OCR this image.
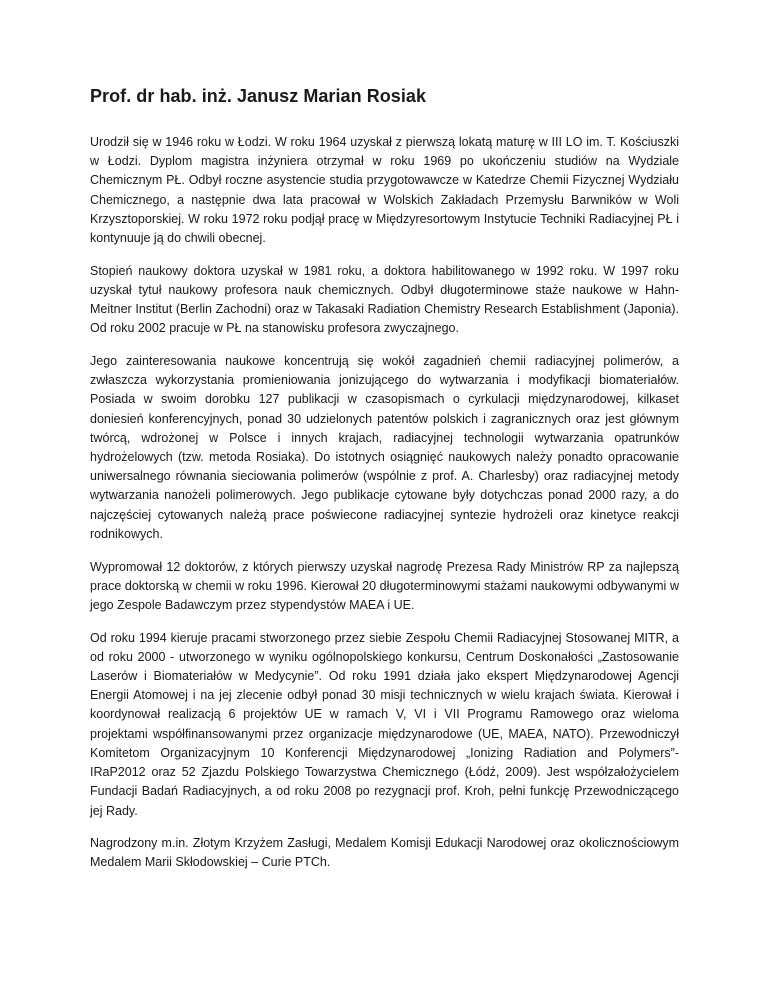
Prof. dr hab. inż. Janusz Marian Rosiak

Urodził się w 1946 roku w Łodzi. W roku 1964 uzyskał z pierwszą lokatą maturę w III LO im. T. Kościuszki w Łodzi. Dyplom magistra inżyniera otrzymał w roku 1969 po ukończeniu studiów na Wydziale Chemicznym PŁ. Odbył roczne asystencie studia przygotowawcze w Katedrze Chemii Fizycznej Wydziału Chemicznego, a następnie dwa lata pracował w Wolskich Zakładach Przemysłu Barwników w Woli Krzysztoporskiej. W roku 1972 roku podjął pracę w Międzyresortowym Instytucie Techniki Radiacyjnej PŁ i kontynuuje ją do chwili obecnej.

Stopień naukowy doktora uzyskał w 1981 roku, a doktora habilitowanego w 1992 roku. W 1997 roku uzyskał tytuł naukowy profesora nauk chemicznych. Odbył długoterminowe staże naukowe w Hahn-Meitner Institut (Berlin Zachodni) oraz w Takasaki Radiation Chemistry Research Establishment (Japonia). Od roku 2002 pracuje w PŁ na stanowisku profesora zwyczajnego.

Jego zainteresowania naukowe koncentrują się wokół zagadnień chemii radiacyjnej polimerów, a zwłaszcza wykorzystania promieniowania jonizującego do wytwarzania i modyfikacji biomateriałów. Posiada w swoim dorobku 127 publikacji w czasopismach o cyrkulacji międzynarodowej, kilkaset doniesień konferencyjnych, ponad 30 udzielonych patentów polskich i zagranicznych oraz jest głównym twórcą, wdrożonej w Polsce i innych krajach, radiacyjnej technologii wytwarzania opatrunków hydrożelowych (tzw. metoda Rosiaka). Do istotnych osiągnięć naukowych należy ponadto opracowanie uniwersalnego równania sieciowania polimerów (wspólnie z prof. A. Charlesby) oraz radiacyjnej metody wytwarzania nanożeli polimerowych. Jego publikacje cytowane były dotychczas ponad 2000 razy, a do najczęściej cytowanych należą prace poświecone radiacyjnej syntezie hydrożeli oraz kinetyce reakcji rodnikowych.

Wypromował 12 doktorów, z których pierwszy uzyskał nagrodę Prezesa Rady Ministrów RP za najlepszą prace doktorską w chemii w roku 1996. Kierował 20 długoterminowymi stażami naukowymi odbywanymi w jego Zespole Badawczym przez stypendystów MAEA i UE.

Od roku 1994 kieruje pracami stworzonego przez siebie Zespołu Chemii Radiacyjnej Stosowanej MITR, a od roku 2000 - utworzonego w wyniku ogólnopolskiego konkursu, Centrum Doskonałości „Zastosowanie Laserów i Biomateriałów w Medycynie”. Od roku 1991 działa jako ekspert Międzynarodowej Agencji Energii Atomowej i na jej zlecenie odbył ponad 30 misji technicznych w wielu krajach świata. Kierował i koordynował realizacją 6 projektów UE w ramach V, VI i VII Programu Ramowego oraz wieloma projektami współfinansowanymi przez organizacje międzynarodowe (UE, MAEA, NATO). Przewodniczył Komitetom Organizacyjnym 10 Konferencji Międzynarodowej „Ionizing Radiation and Polymers”- IRaP2012 oraz 52 Zjazdu Polskiego Towarzystwa Chemicznego (Łódź, 2009). Jest współzałożycielem Fundacji Badań Radiacyjnych, a od roku 2008 po rezygnacji prof. Kroh, pełni funkcję Przewodniczącego jej Rady.

Nagrodzony m.in. Złotym Krzyżem Zasługi, Medalem Komisji Edukacji Narodowej oraz okolicznościowym Medalem Marii Skłodowskiej – Curie PTCh.
